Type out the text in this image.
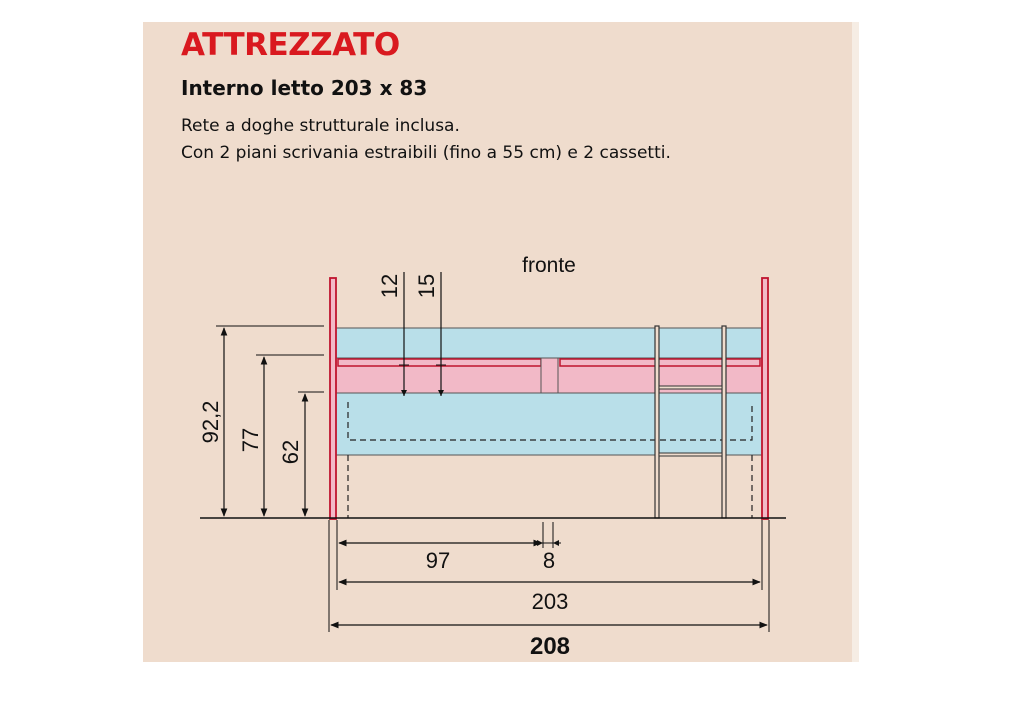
ATTREZZATO
Interno letto 203 x 83
Rete a doghe strutturale inclusa.
Con 2 piani scrivania estraibili (fino a 55 cm) e 2 cassetti.
92,2 77 62
12 15
fronte
97	8
203
208
